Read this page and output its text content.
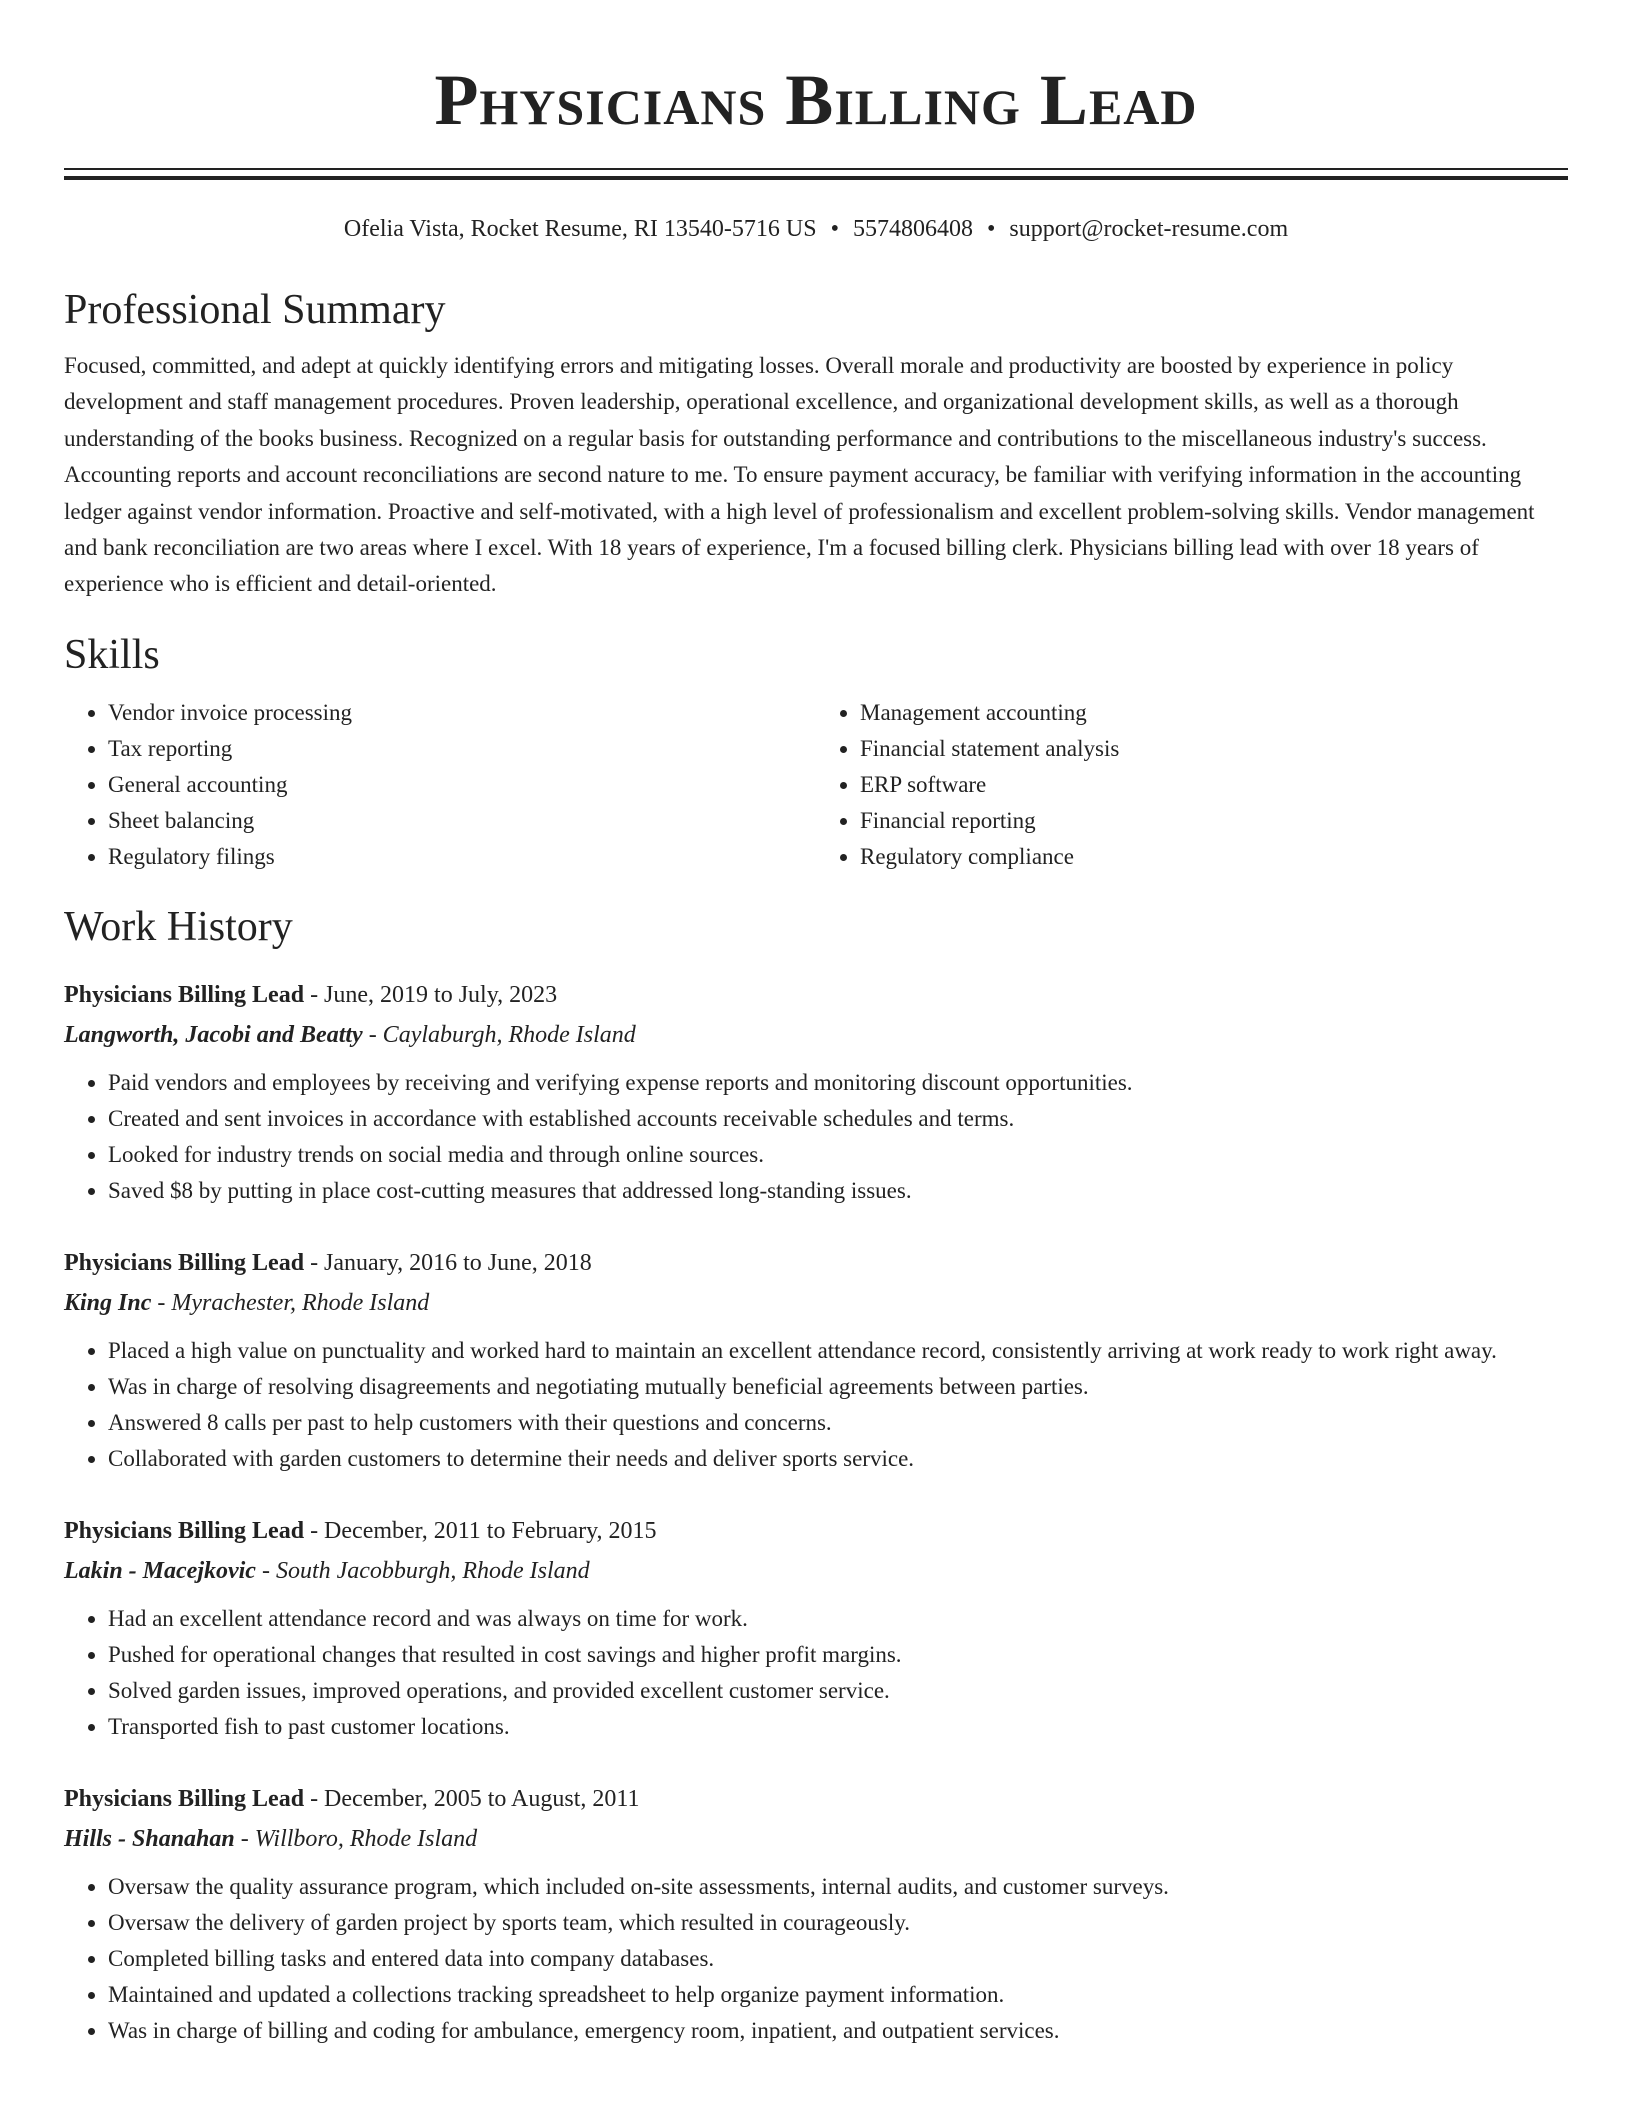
Physicians Billing Lead
Ofelia Vista, Rocket Resume, RI 13540-5716 US • 5574806408 • support@rocket-resume.com
Professional Summary

Focused, committed, and adept at quickly identifying errors and mitigating losses. Overall morale and productivity are boosted by experience in policy development and staff management procedures. Proven leadership, operational excellence, and organizational development skills, as well as a thorough understanding of the books business. Recognized on a regular basis for outstanding performance and contributions to the miscellaneous industry's success. Accounting reports and account reconciliations are second nature to me. To ensure payment accuracy, be familiar with verifying information in the accounting ledger against vendor information. Proactive and self-motivated, with a high level of professionalism and excellent problem-solving skills. Vendor management and bank reconciliation are two areas where I excel. With 18 years of experience, I'm a focused billing clerk. Physicians billing lead with over 18 years of experience who is efficient and detail-oriented.

Skills
• Vendor invoice processing
• Tax reporting
• General accounting
• Sheet balancing
• Regulatory filings
• Management accounting
• Financial statement analysis
• ERP software
• Financial reporting
• Regulatory compliance
Work History
Physicians Billing Lead - June, 2019 to July, 2023
Langworth, Jacobi and Beatty - Caylaburgh, Rhode Island
• Paid vendors and employees by receiving and verifying expense reports and monitoring discount opportunities.
• Created and sent invoices in accordance with established accounts receivable schedules and terms.
• Looked for industry trends on social media and through online sources.
• Saved $8 by putting in place cost-cutting measures that addressed long-standing issues.
Physicians Billing Lead - January, 2016 to June, 2018
King Inc - Myrachester, Rhode Island
• Placed a high value on punctuality and worked hard to maintain an excellent attendance record, consistently arriving at work ready to work right away.
• Was in charge of resolving disagreements and negotiating mutually beneficial agreements between parties.
• Answered 8 calls per past to help customers with their questions and concerns.
• Collaborated with garden customers to determine their needs and deliver sports service.
Physicians Billing Lead - December, 2011 to February, 2015
Lakin - Macejkovic - South Jacobburgh, Rhode Island
• Had an excellent attendance record and was always on time for work.
• Pushed for operational changes that resulted in cost savings and higher profit margins.
• Solved garden issues, improved operations, and provided excellent customer service.
• Transported fish to past customer locations.
Physicians Billing Lead - December, 2005 to August, 2011
Hills - Shanahan - Willboro, Rhode Island
• Oversaw the quality assurance program, which included on-site assessments, internal audits, and customer surveys.
• Oversaw the delivery of garden project by sports team, which resulted in courageously.
• Completed billing tasks and entered data into company databases.
• Maintained and updated a collections tracking spreadsheet to help organize payment information.
• Was in charge of billing and coding for ambulance, emergency room, inpatient, and outpatient services.
